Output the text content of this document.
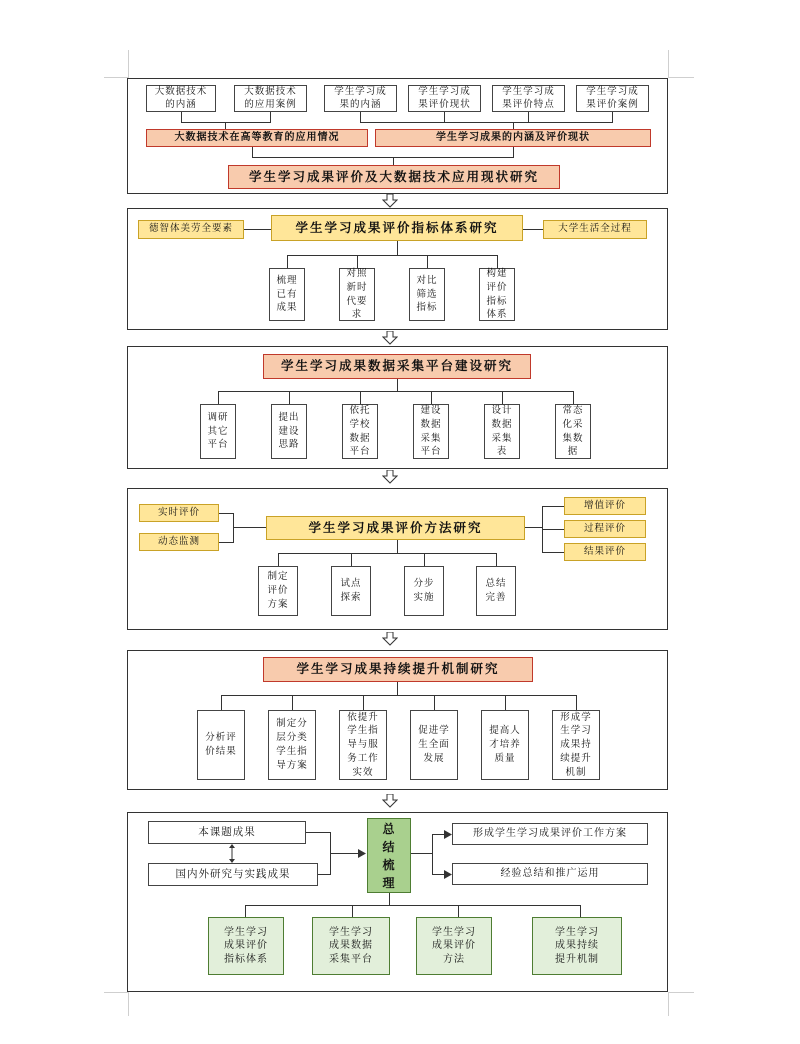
大数据技术
的内涵
大数据技术
的应用案例
学生学习成
果的内涵
学生学习成
果评价现状
学生学习成
果评价特点
学生学习成
果评价案例
大数据技术在高等教育的应用情况	学生学习成果的内涵及评价现状
学生学习成果评价及大数据技术应用现状研究
德智体美劳全要素	学生学习成果评价指标体系研究	大学生活全过程
梳理
已有
成果
对照
新时
代要
求
对比
筛选
指标
构建
评价
指标
体系
学生学习成果数据采集平台建设研究
调研
其它
平台
提出
建设
思路
依托
学校
数据
平台
建设
数据
采集
平台
设计
数据
采集
表
常态
化采
集数
据
实时评价
动态监测
学生学习成果评价方法研究
增值评价
过程评价
结果评价
制定
评价
方案
试点
探索
分步
实施
总结
完善
学生学习成果持续提升机制研究
分析评
价结果
制定分
层分类
学生指
导方案
依提升
学生指
导与服
务工作
实效
促进学
生全面
发展
提高人
才培养
质量
形成学
生学习
成果持
续提升
机制
本课题成果
国内外研究与实践成果
总
结
梳
理
形成学生学习成果评价工作方案
经验总结和推广运用
学生学习
成果评价
指标体系
学生学习
成果数据
采集平台
学生学习
成果评价
方法
学生学习
成果持续
提升机制
